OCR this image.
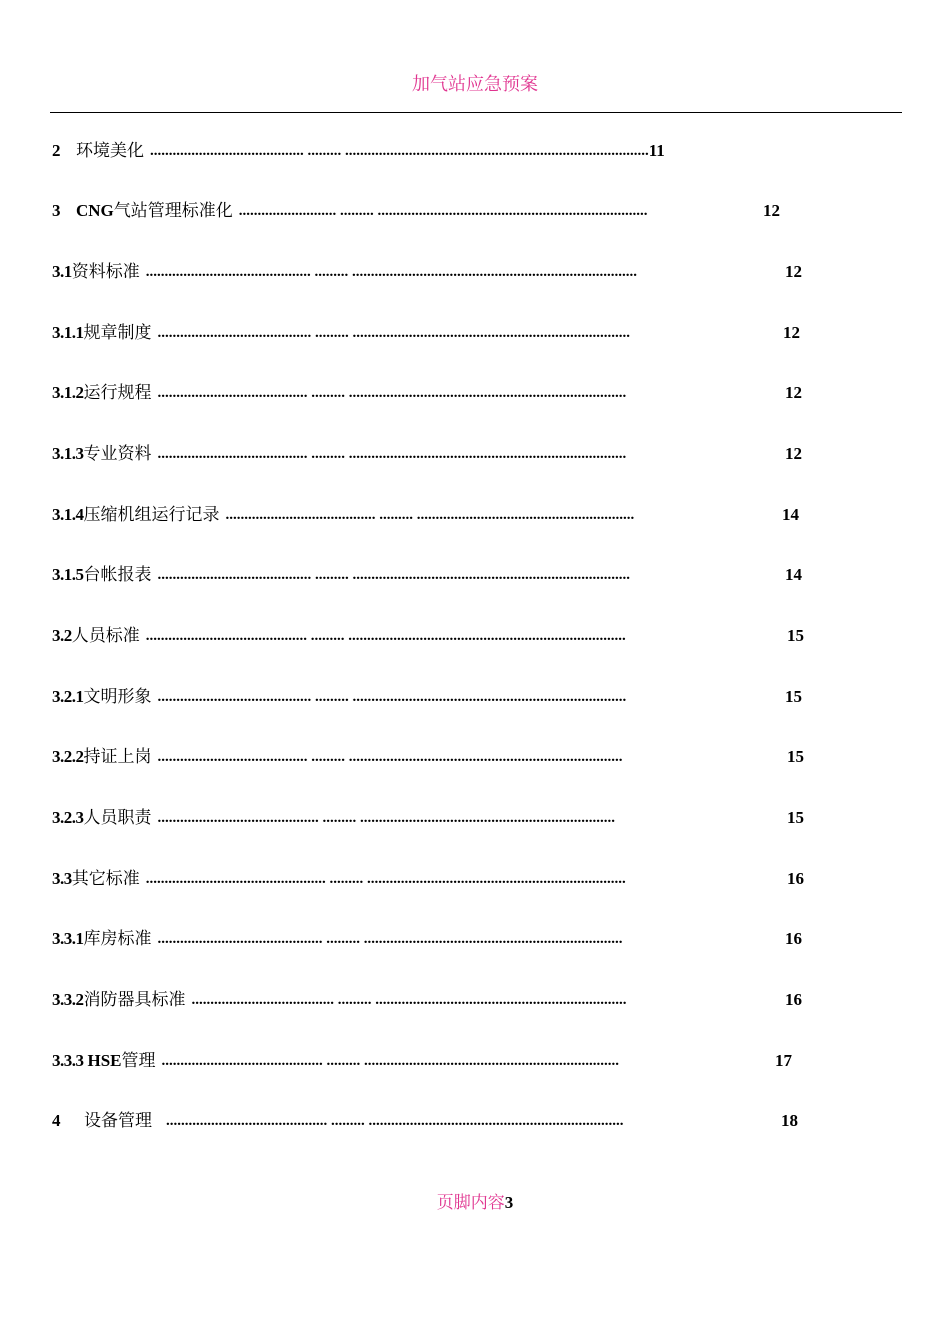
加气站应急预案
2 环境美化 ......................................... ......... ................................................................................. 11
3 CNG气站管理标准化 .......................... ......... ........................................................................	12
3.1 资料标准 ............................................ ......... ............................................................................	12
3.1.1 规章制度 ......................................... ......... ..........................................................................	12
3.1.2 运行规程 ........................................ ......... ..........................................................................	12
3.1.3 专业资料 ........................................ ......... ..........................................................................	12
3.1.4 压缩机组运行记录 ........................................ ......... ..........................................................	14
3.1.5 台帐报表 ......................................... ......... ..........................................................................	14
3.2 人员标准 ........................................... ......... ..........................................................................	15
3.2.1 文明形象 ......................................... ......... .........................................................................	15
3.2.2 持证上岗 ........................................ ......... .........................................................................	15
3.2.3 人员职责 ........................................... ......... ....................................................................	15
3.3 其它标准 ................................................ ......... .....................................................................	16
3.3.1 库房标准 ............................................ ......... .....................................................................	16
3.3.2 消防器具标准 ...................................... ......... ...................................................................	16
3.3.3 HSE管理 ........................................... ......... ....................................................................	17
4 设备管理 ........................................... ......... ....................................................................	18
页脚内容3
